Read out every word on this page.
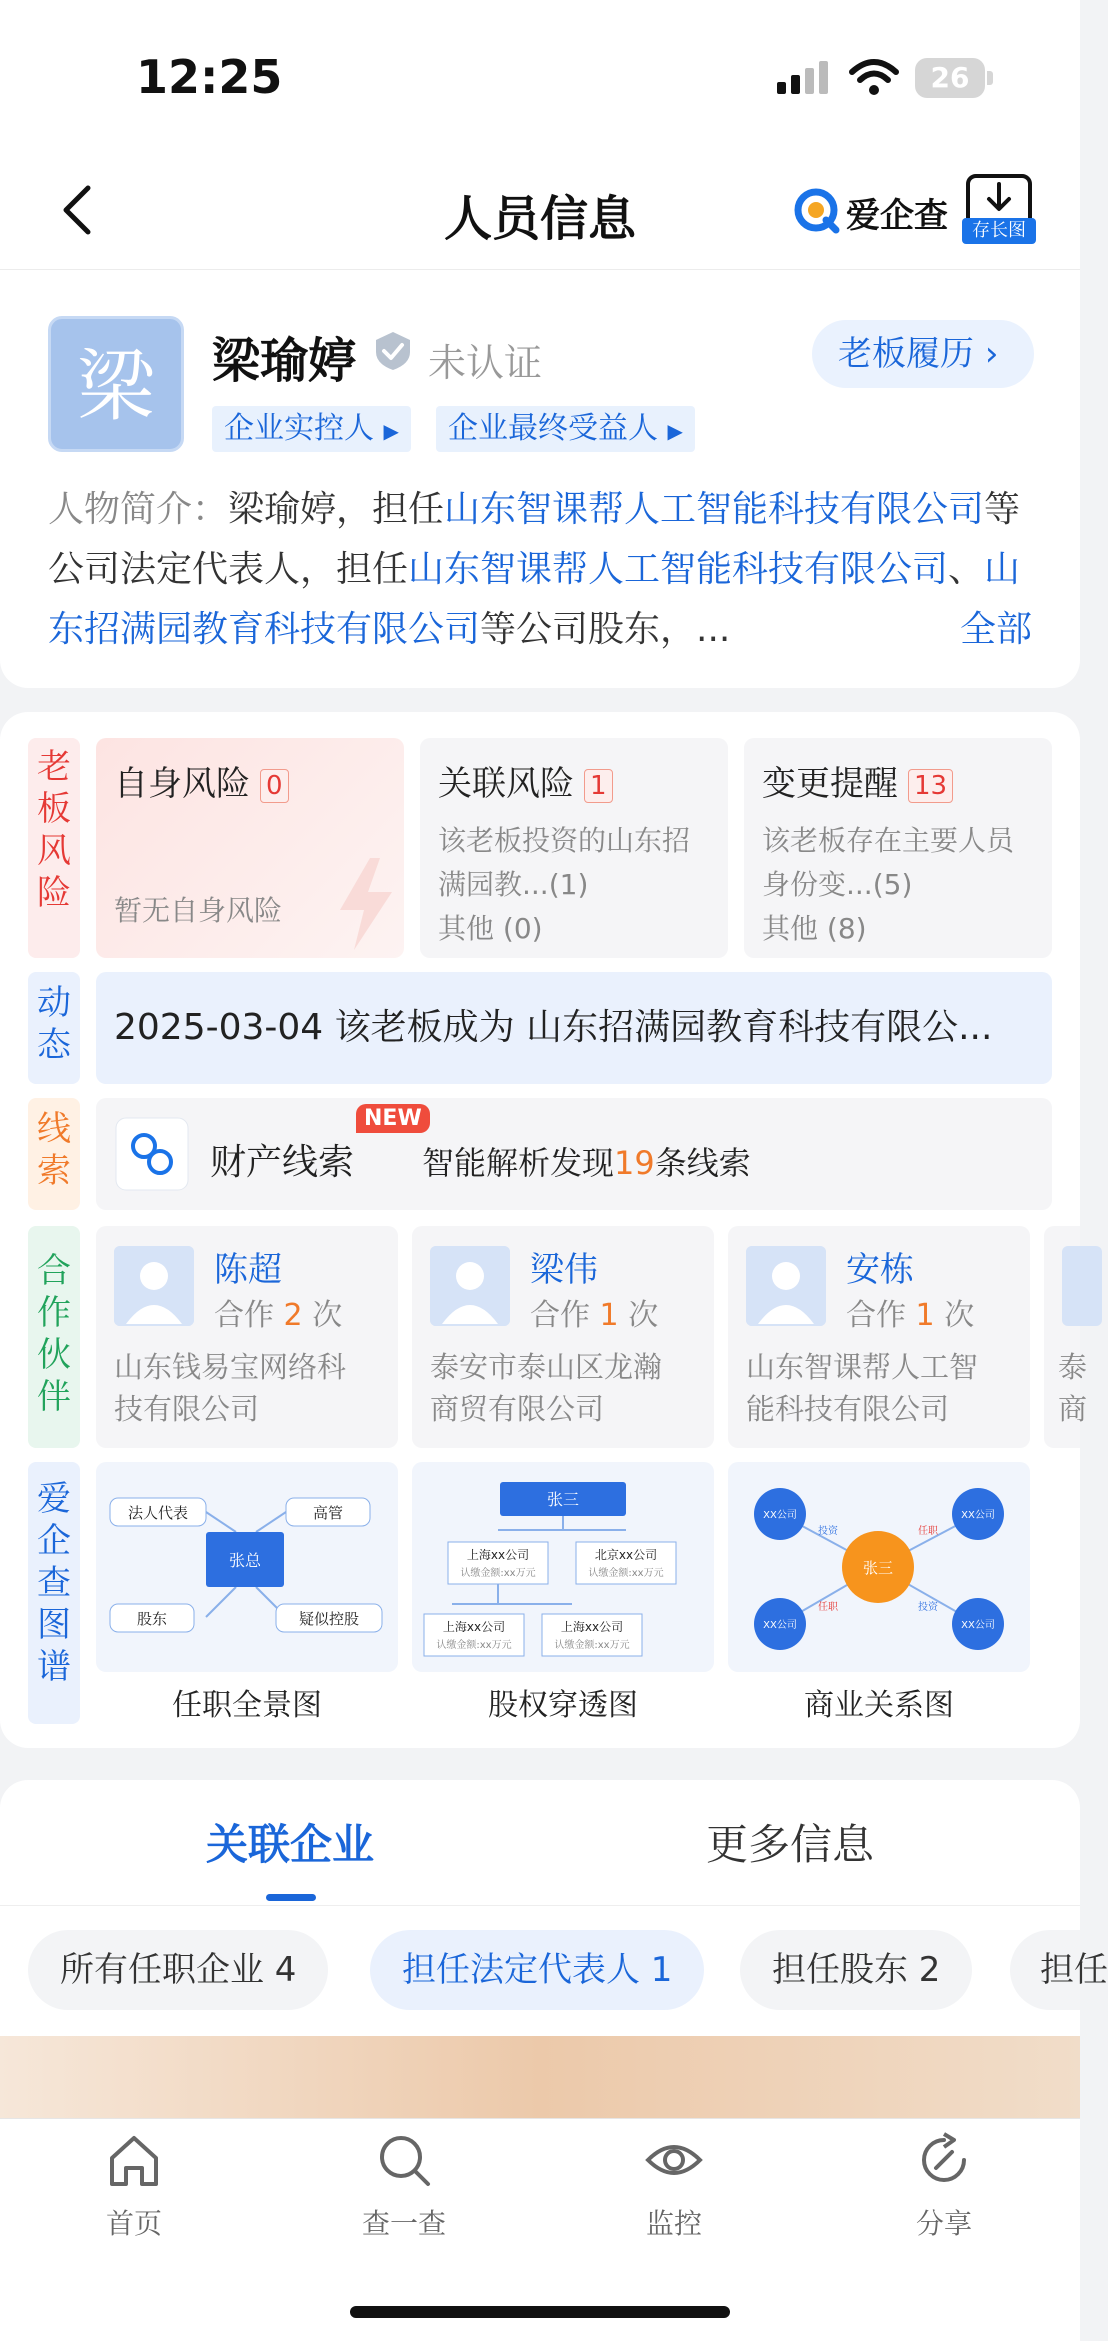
12:25	26
人员信息	爱企查	存长图
梁	梁瑜婷 未认证	老板履历 ›
企业实控人 ▶	企业最终受益人 ▶
人物简介：梁瑜婷，担任山东智课帮人工智能科技有限公司等公司法定代表人，担任山东智课帮人工智能科技有限公司、山东招满园教育科技有限公司等公司股东，...	全部
老板风险
动态
线索
合作伙伴
爱企查图谱
自身风险 0
暂无自身风险
关联风险 1
该老板投资的山东招
满园教...(1)
其他 (0)
变更提醒 13
该老板存在主要人员
身份变...(5)
其他 (8)
2025-03-04 该老板成为 山东招满园教育科技有限公...
财产线索
NEW
智能解析发现19条线索
陈超
合作 2 次
山东钱易宝网络科技有限公司
梁伟
合作 1 次
泰安市泰山区龙瀚商贸有限公司
安栋
合作 1 次
山东智课帮人工智能科技有限公司
泰商
张总
法人代表	高管
股东	疑似控股
张三
上海xx公司
认缴金额:xx万元
北京xx公司
认缴金额:xx万元
上海xx公司
认缴金额:xx万元
上海xx公司
认缴金额:xx万元
张三
XX公司	XX公司
XX公司	XX公司
投资	任职
任职	投资
任职全景图	股权穿透图	商业关系图
关联企业	更多信息
所有任职企业 4	担任法定代表人 1	担任股东 2	担任
首页	查一查	监控	分享
